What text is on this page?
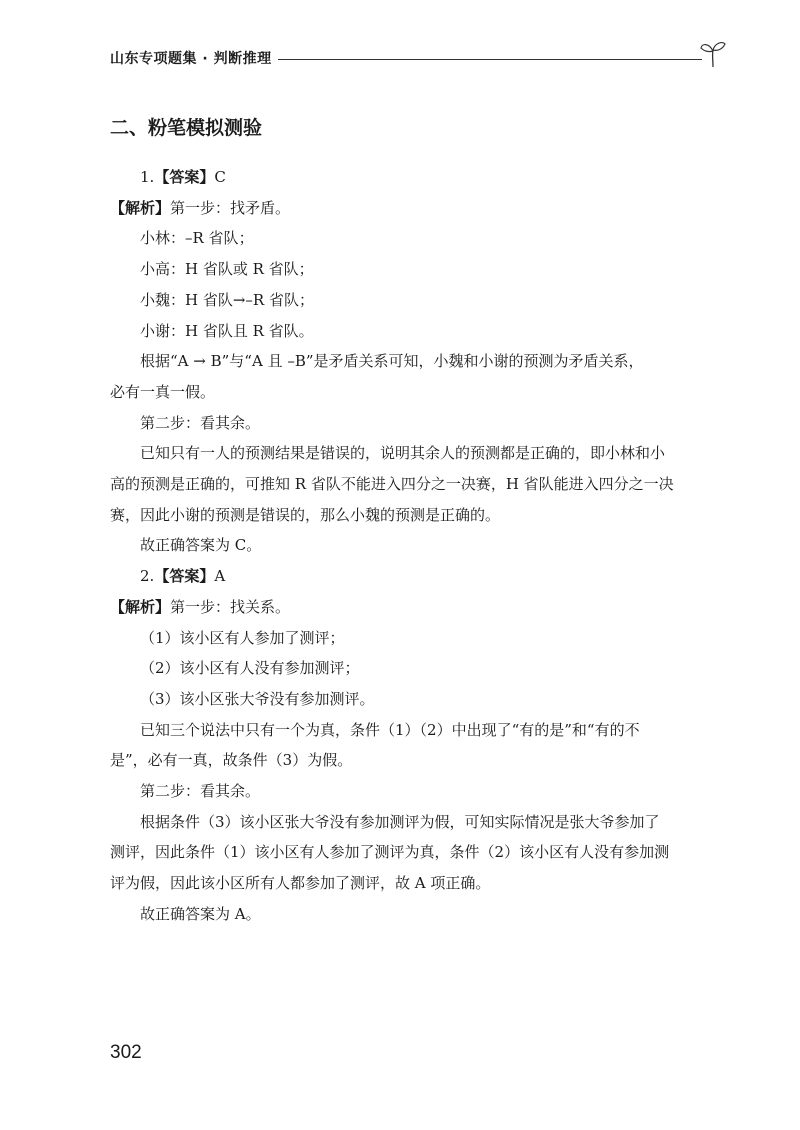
山东专项题集 · 判断推理
二、粉笔模拟测验
1.【答案】C
【解析】第一步：找矛盾。
小林：–R 省队；
小高：H 省队或 R 省队；
小魏：H 省队→–R 省队；
小谢：H 省队且 R 省队。
根据“A → B”与“A 且 –B”是矛盾关系可知，小魏和小谢的预测为矛盾关系，
必有一真一假。
第二步：看其余。
已知只有一人的预测结果是错误的，说明其余人的预测都是正确的，即小林和小
高的预测是正确的，可推知 R 省队不能进入四分之一决赛，H 省队能进入四分之一决
赛，因此小谢的预测是错误的，那么小魏的预测是正确的。
故正确答案为 C。
2.【答案】A
【解析】第一步：找关系。
（1）该小区有人参加了测评；
（2）该小区有人没有参加测评；
（3）该小区张大爷没有参加测评。
已知三个说法中只有一个为真，条件（1）（2）中出现了“有的是”和“有的不
是”，必有一真，故条件（3）为假。
第二步：看其余。
根据条件（3）该小区张大爷没有参加测评为假，可知实际情况是张大爷参加了
测评，因此条件（1）该小区有人参加了测评为真，条件（2）该小区有人没有参加测
评为假，因此该小区所有人都参加了测评，故 A 项正确。
故正确答案为 A。
302
